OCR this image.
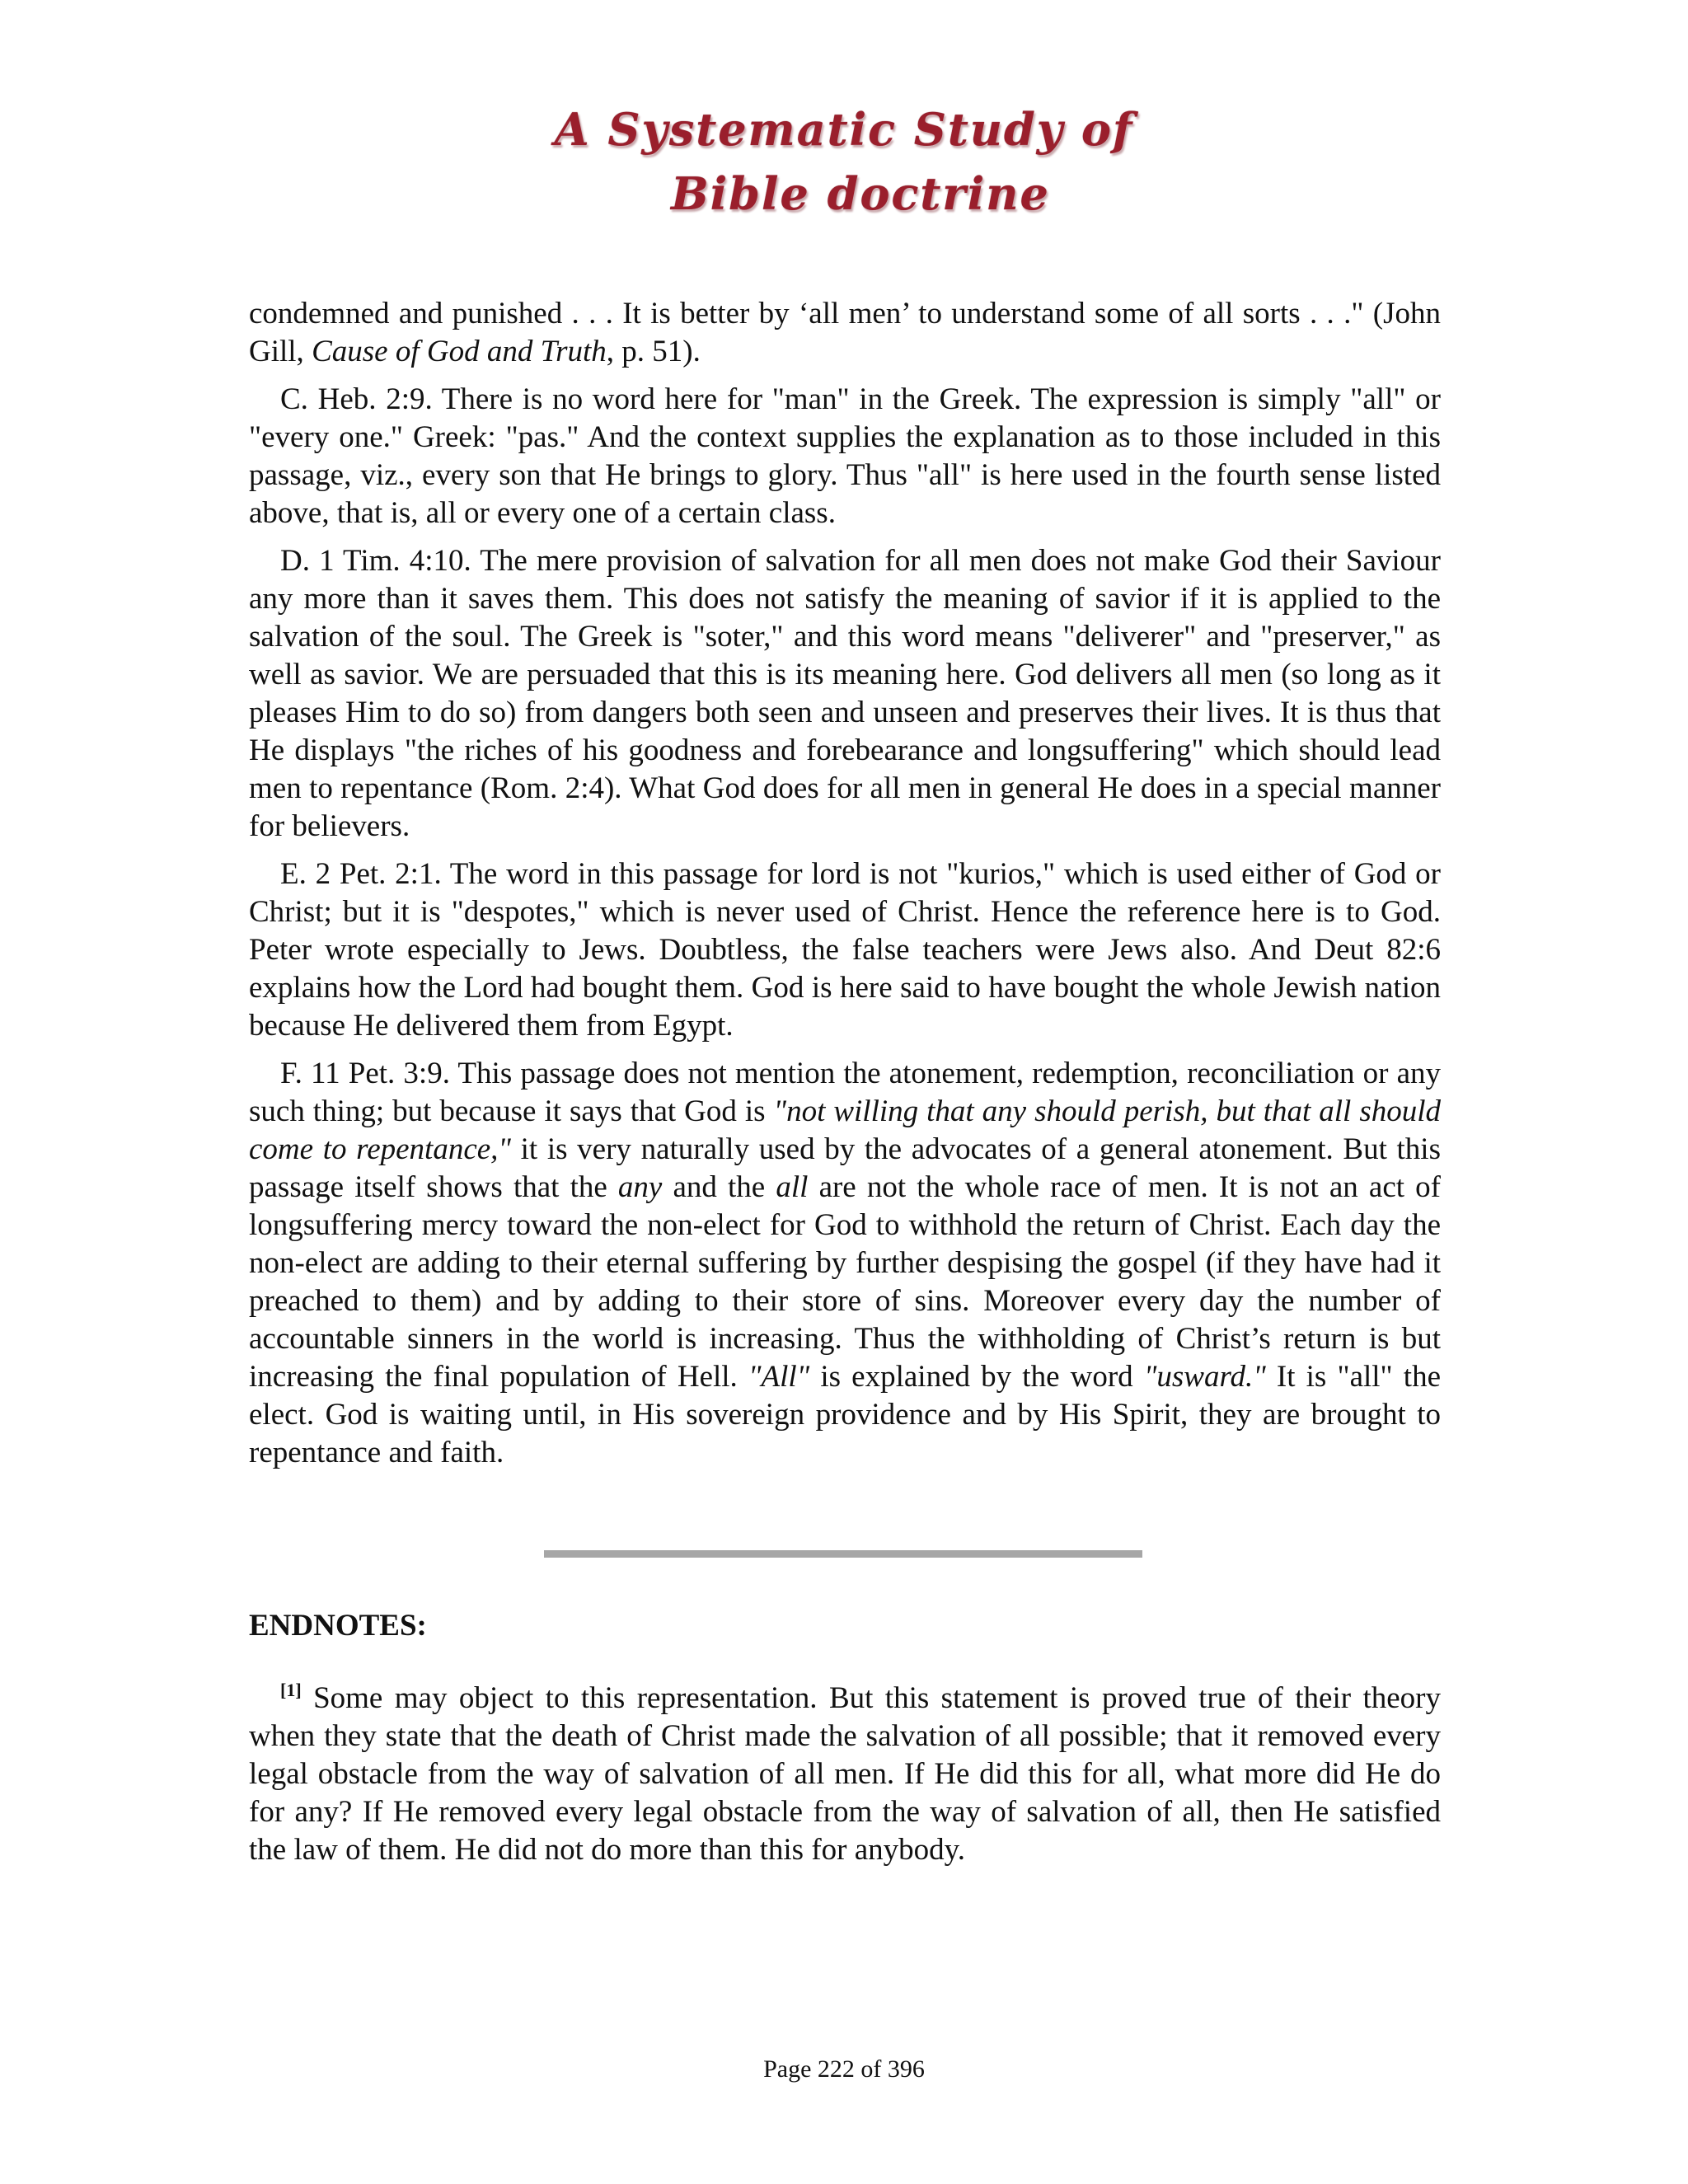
A Systematic Study of
Bible doctrine

condemned and punished . . . It is better by ‘all men’ to understand some of all sorts . . ." (John Gill, Cause of God and Truth, p. 51).

C. Heb. 2:9. There is no word here for "man" in the Greek. The expression is simply "all" or "every one." Greek: "pas." And the context supplies the explanation as to those included in this passage, viz., every son that He brings to glory. Thus "all" is here used in the fourth sense listed above, that is, all or every one of a certain class.

D. 1 Tim. 4:10. The mere provision of salvation for all men does not make God their Saviour any more than it saves them. This does not satisfy the meaning of savior if it is applied to the salvation of the soul. The Greek is "soter," and this word means "deliverer" and "preserver," as well as savior. We are persuaded that this is its meaning here. God delivers all men (so long as it pleases Him to do so) from dangers both seen and unseen and preserves their lives. It is thus that He displays "the riches of his goodness and forebearance and longsuffering" which should lead men to repentance (Rom. 2:4). What God does for all men in general He does in a special manner for believers.

E. 2 Pet. 2:1. The word in this passage for lord is not "kurios," which is used either of God or Christ; but it is "despotes," which is never used of Christ. Hence the reference here is to God. Peter wrote especially to Jews. Doubtless, the false teachers were Jews also. And Deut 82:6 explains how the Lord had bought them. God is here said to have bought the whole Jewish nation because He delivered them from Egypt.

F. 11 Pet. 3:9. This passage does not mention the atonement, redemption, reconciliation or any such thing; but because it says that God is "not willing that any should perish, but that all should come to repentance," it is very naturally used by the advocates of a general atonement. But this passage itself shows that the any and the all are not the whole race of men. It is not an act of longsuffering mercy toward the non-elect for God to withhold the return of Christ. Each day the non-elect are adding to their eternal suffering by further despising the gospel (if they have had it preached to them) and by adding to their store of sins. Moreover every day the number of accountable sinners in the world is increasing. Thus the withholding of Christ’s return is but increasing the final population of Hell. "All" is explained by the word "usward." It is "all" the elect. God is waiting until, in His sovereign providence and by His Spirit, they are brought to repentance and faith.

ENDNOTES:

[1] Some may object to this representation. But this statement is proved true of their theory when they state that the death of Christ made the salvation of all possible; that it removed every legal obstacle from the way of salvation of all men. If He did this for all, what more did He do for any? If He removed every legal obstacle from the way of salvation of all, then He satisfied the law of them. He did not do more than this for anybody.

Page 222 of 396
